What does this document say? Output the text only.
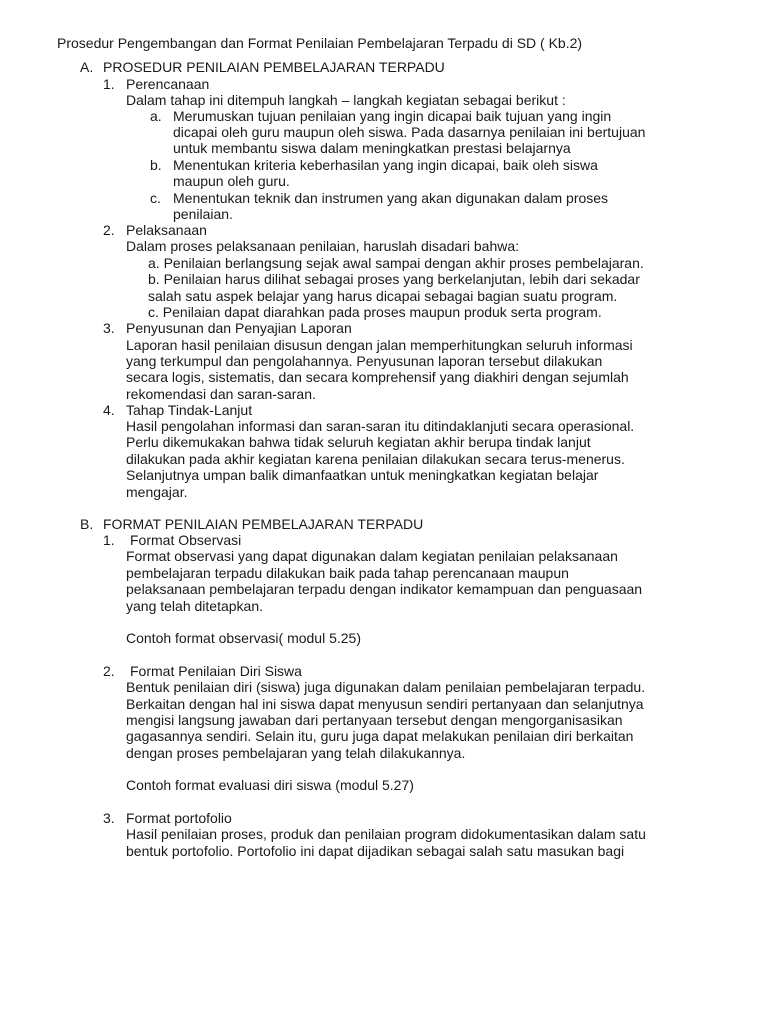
Prosedur Pengembangan dan Format Penilaian Pembelajaran Terpadu di SD ( Kb.2)
A. PROSEDUR PENILAIAN PEMBELAJARAN TERPADU
1. Perencanaan
Dalam tahap ini ditempuh langkah – langkah kegiatan sebagai berikut :
a. Merumuskan tujuan penilaian yang ingin dicapai baik tujuan yang ingin
dicapai oleh guru maupun oleh siswa. Pada dasarnya penilaian ini bertujuan
untuk membantu siswa dalam meningkatkan prestasi belajarnya
b. Menentukan kriteria keberhasilan yang ingin dicapai, baik oleh siswa
maupun oleh guru.
c. Menentukan teknik dan instrumen yang akan digunakan dalam proses
penilaian.
2. Pelaksanaan
Dalam proses pelaksanaan penilaian, haruslah disadari bahwa:
a. Penilaian berlangsung sejak awal sampai dengan akhir proses pembelajaran.
b. Penilaian harus dilihat sebagai proses yang berkelanjutan, lebih dari sekadar
salah satu aspek belajar yang harus dicapai sebagai bagian suatu program.
c. Penilaian dapat diarahkan pada proses maupun produk serta program.
3. Penyusunan dan Penyajian Laporan
Laporan hasil penilaian disusun dengan jalan memperhitungkan seluruh informasi
yang terkumpul dan pengolahannya. Penyusunan laporan tersebut dilakukan
secara logis, sistematis, dan secara komprehensif yang diakhiri dengan sejumlah
rekomendasi dan saran-saran.
4. Tahap Tindak-Lanjut
Hasil pengolahan informasi dan saran-saran itu ditindaklanjuti secara operasional.
Perlu dikemukakan bahwa tidak seluruh kegiatan akhir berupa tindak lanjut
dilakukan pada akhir kegiatan karena penilaian dilakukan secara terus-menerus.
Selanjutnya umpan balik dimanfaatkan untuk meningkatkan kegiatan belajar
mengajar.
B. FORMAT PENILAIAN PEMBELAJARAN TERPADU
1. Format Observasi
Format observasi yang dapat digunakan dalam kegiatan penilaian pelaksanaan
pembelajaran terpadu dilakukan baik pada tahap perencanaan maupun
pelaksanaan pembelajaran terpadu dengan indikator kemampuan dan penguasaan
yang telah ditetapkan.
Contoh format observasi( modul 5.25)
2. Format Penilaian Diri Siswa
Bentuk penilaian diri (siswa) juga digunakan dalam penilaian pembelajaran terpadu.
Berkaitan dengan hal ini siswa dapat menyusun sendiri pertanyaan dan selanjutnya
mengisi langsung jawaban dari pertanyaan tersebut dengan mengorganisasikan
gagasannya sendiri. Selain itu, guru juga dapat melakukan penilaian diri berkaitan
dengan proses pembelajaran yang telah dilakukannya.
Contoh format evaluasi diri siswa (modul 5.27)
3. Format portofolio
Hasil penilaian proses, produk dan penilaian program didokumentasikan dalam satu
bentuk portofolio. Portofolio ini dapat dijadikan sebagai salah satu masukan bagi
